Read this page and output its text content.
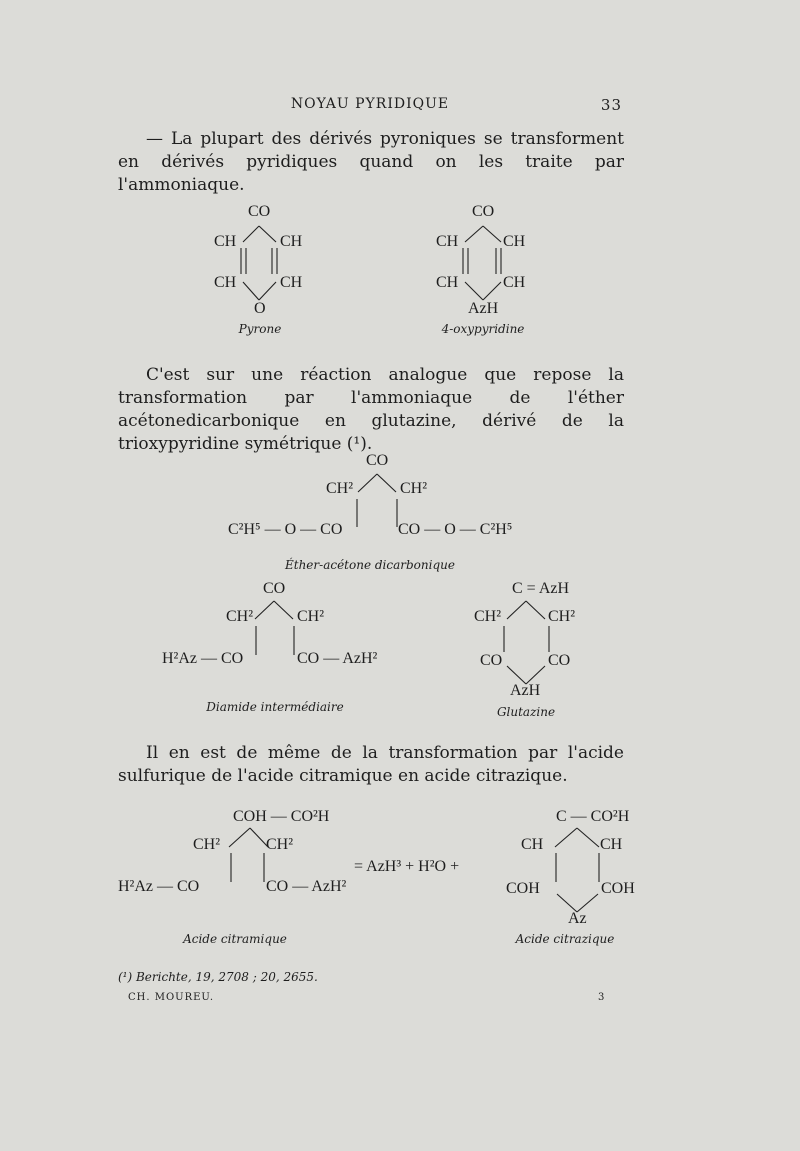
NOYAU PYRIDIQUE	33

— La plupart des dérivés pyroniques se transforment en dérivés pyridiques quand on les traite par l'ammoniaque.

CO
CH	CH
CH	CH
O
Pyrone
CO
CH	CH
CH	CH
AzH
4-oxypyridine

C'est sur une réaction analogue que repose la transformation par l'ammoniaque de l'éther acétonedicarbonique en glutazine, dérivé de la trioxypyridine symétrique (¹).

CO
CH²	CH²
C²H⁵ — O — CO	CO — O — C²H⁵
Éther-acétone dicarbonique
CO
CH²	CH²
H²Az — CO	CO — AzH²
Diamide intermédiaire
C = AzH
CH²	CH²
CO	CO
AzH
Glutazine

Il en est de même de la transformation par l'acide sulfurique de l'acide citramique en acide citrazique.

COH — CO²H
CH²	CH²
H²Az — CO	CO — AzH²
Acide citramique
= AzH³ + H²O +
C — CO²H
CH	CH
COH	COH
Az
Acide citrazique
(¹) Berichte, 19, 2708 ; 20, 2655.
CH. MOUREU.	3
